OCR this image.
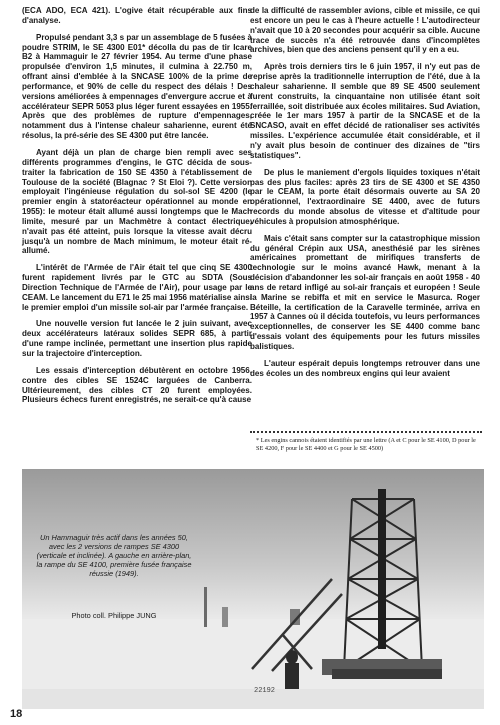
(ECA ADO, ECA 421). L'ogive était récupérable aux fins d'analyse.

Propulsé pendant 3,3 s par un assemblage de 5 fusées à poudre STRIM, le SE 4300 E01* décolla du pas de tir Icare B2 à Hammaguir le 27 février 1954. Au terme d'une phase propulsée d'environ 1,5 minutes, il culmina à 22.750 m, offrant ainsi d'emblée à la SNCASE 100% de la prime de performance, et 90% de celle du respect des délais ! Des versions améliorées à empennages d'envergure accrue et à accélérateur SEPR 5053 plus léger furent essayées en 1955. Après que des problèmes de rupture d'empennages, notamment dus à l'intense chaleur saharienne, eurent été résolus, la pré-série des SE 4300 put être lancée.

Ayant déjà un plan de charge bien rempli avec ses différents programmes d'engins, le GTC décida de sous-traiter la fabrication de 150 SE 4350 à l'établissement de Toulouse de la société (Blagnac ? St Eloi ?). Cette version employait l'ingénieuse régulation du sol-sol SE 4200 (le premier engin à statoréacteur opérationnel au monde en 1955): le moteur était allumé aussi longtemps que le Mach limite, mesuré par un Machmètre à contact électrique, n'avait pas été atteint, puis lorsque la vitesse avait décru jusqu'à un nombre de Mach minimum, le moteur était ré-allumé.

L'intérêt de l'Armée de l'Air était tel que cinq SE 4300 furent rapidement livrés par le GTC au SDTA (Sous Direction Technique de l'Armée de l'Air), pour usage par le CEAM. Le lancement du E71 le 25 mai 1956 matérialise ainsi le premier emploi d'un missile sol-air par l'armée française.

Une nouvelle version fut lancée le 2 juin suivant, avec deux accélérateurs latéraux solides SEPR 685, à partir d'une rampe inclinée, permettant une insertion plus rapide sur la trajectoire d'interception.

Les essais d'interception débutèrent en octobre 1956, contre des cibles SE 1524C larguées de Canberra. Ultérieurement, des cibles CT 20 furent employées. Plusieurs échecs furent enregistrés, ne serait-ce qu'à cause

de la difficulté de rassembler avions, cible et missile, ce qui est encore un peu le cas à l'heure actuelle ! L'autodirecteur n'avait que 10 à 20 secondes pour acquérir sa cible. Aucune trace de succès n'a été retrouvée dans d'incomplètes archives, bien que des anciens pensent qu'il y en a eu.

Après trois derniers tirs le 6 juin 1957, il n'y eut pas de reprise après la traditionnelle interruption de l'été, due à la chaleur saharienne. Il semble que 89 SE 4500 seulement furent construits, la cinquantaine non utilisée étant soit ferraillée, soit distribuée aux écoles militaires. Sud Aviation, créée le 1er mars 1957 à partir de la SNCASE et de la SNCASO, avait en effet décidé de rationaliser ses activités missiles. L'expérience accumulée était considérable, et il n'y avait plus besoin de continuer des dizaines de "tirs statistiques".

De plus le maniement d'ergols liquides toxiques n'était pas des plus faciles: après 23 tirs de SE 4300 et SE 4350 par le CEAM, la porte était désormais ouverte au SA 20 opérationnel, l'extraordinaire SE 4400, avec de futurs records du monde absolus de vitesse et d'altitude pour véhicules à propulsion atmosphérique.

Mais c'était sans compter sur la catastrophique mission du général Crépin aux USA, anesthésié par les sirènes américaines promettant de mirifiques transferts de technologie sur le moins avancé Hawk, menant à la décision d'abandonner les sol-air français en août 1958 - 40 ans de retard infligé au sol-air français et européen ! Seule la Marine se rebiffa et mit en service le Masurca. Roger Béteille, la certification de la Caravelle terminée, arriva en 1957 à Cannes où il décida toutefois, vu leurs performances exceptionnelles, de conserver les SE 4400 comme banc d'essais volant des équipements pour les futurs missiles balistiques.

L'auteur espérait depuis longtemps retrouver dans une des écoles un des nombreux engins qui leur avaient

* Les engins cannois étaient identifiés par une lettre (A et C pour le SE 4100, D pour le SE 4200, F pour le SE 4400 et G pour le SE 4500)
Un Hammaguir très actif dans les années 50, avec les 2 versions de rampes SE 4300 (verticale et inclinée). A gauche en arrière-plan, la rampe du SE 4100, première fusée française réussie (1949).
Photo coll. Philippe JUNG
22192
18
